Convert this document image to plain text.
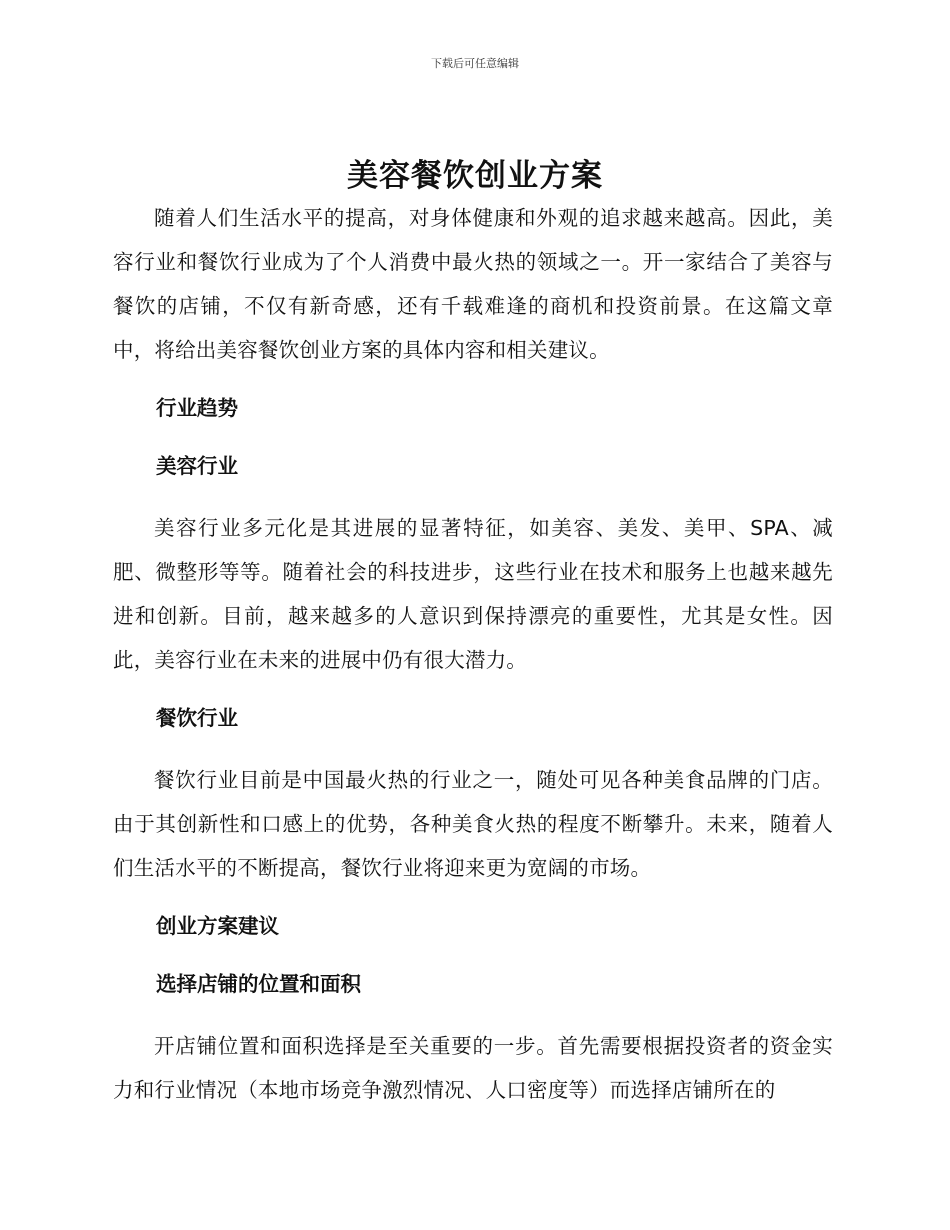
下载后可任意编辑
美容餐饮创业方案

随着人们生活水平的提高，对身体健康和外观的追求越来越高。因此，美容行业和餐饮行业成为了个人消费中最火热的领域之一。开一家结合了美容与餐饮的店铺，不仅有新奇感，还有千载难逢的商机和投资前景。在这篇文章中，将给出美容餐饮创业方案的具体内容和相关建议。

行业趋势
美容行业

美容行业多元化是其进展的显著特征，如美容、美发、美甲、SPA、减肥、微整形等等。随着社会的科技进步，这些行业在技术和服务上也越来越先进和创新。目前，越来越多的人意识到保持漂亮的重要性，尤其是女性。因此，美容行业在未来的进展中仍有很大潜力。

餐饮行业

餐饮行业目前是中国最火热的行业之一，随处可见各种美食品牌的门店。由于其创新性和口感上的优势，各种美食火热的程度不断攀升。未来，随着人们生活水平的不断提高，餐饮行业将迎来更为宽阔的市场。

创业方案建议
选择店铺的位置和面积

开店铺位置和面积选择是至关重要的一步。首先需要根据投资者的资金实力和行业情况（本地市场竞争激烈情况、人口密度等）而选择店铺所在的
